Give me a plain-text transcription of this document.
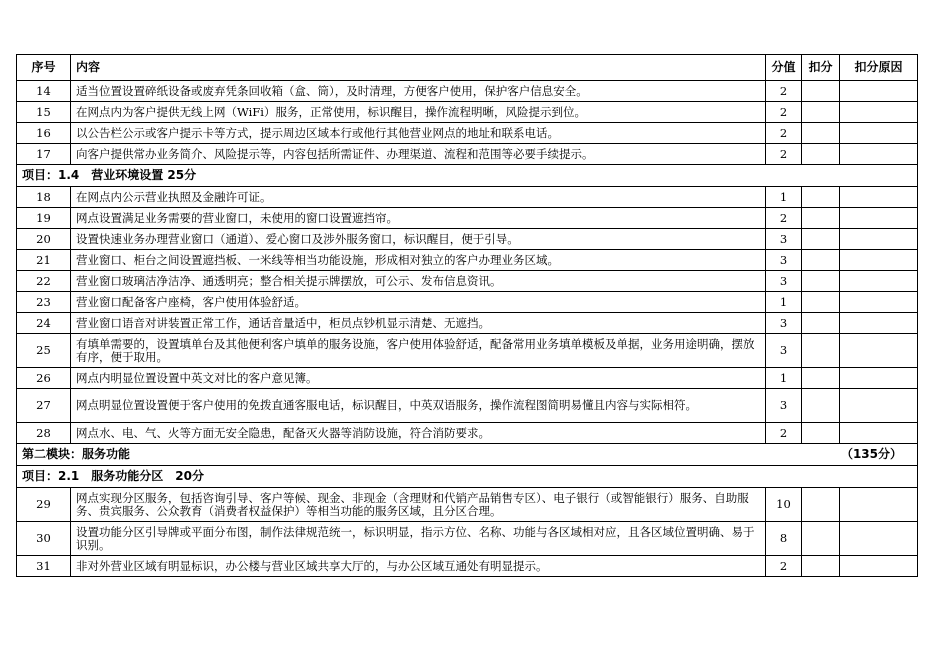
序号	内容	分值	扣分	扣分原因
14	适当位置设置碎纸设备或废弃凭条回收箱（盒、筒），及时清理，方便客户使用，保护客户信息安全。	2		
15	在网点内为客户提供无线上网（WiFi）服务，正常使用，标识醒目，操作流程明晰，风险提示到位。	2		
16	以公告栏公示或客户提示卡等方式，提示周边区域本行或他行其他营业网点的地址和联系电话。	2		
17	向客户提供常办业务简介、风险提示等，内容包括所需证件、办理渠道、流程和范围等必要手续提示。	2		
项目：1.4　营业环境设置 25分				
18	在网点内公示营业执照及金融许可证。	1		
19	网点设置满足业务需要的营业窗口，未使用的窗口设置遮挡帘。	2		
20	设置快速业务办理营业窗口（通道）、爱心窗口及涉外服务窗口，标识醒目，便于引导。	3		
21	营业窗口、柜台之间设置遮挡板、一米线等相当功能设施，形成相对独立的客户办理业务区域。	3		
22	营业窗口玻璃洁净洁净、通透明亮；整合相关提示牌摆放，可公示、发布信息资讯。	3		
23	营业窗口配备客户座椅，客户使用体验舒适。	1		
24	营业窗口语音对讲装置正常工作，通话音量适中，柜员点钞机显示清楚、无遮挡。	3		
25	有填单需要的，设置填单台及其他便利客户填单的服务设施，客户使用体验舒适，配备常用业务填单模板及单据，业务用途明确，摆放有序，便于取用。	3		
26	网点内明显位置设置中英文对比的客户意见簿。	1		
27	网点明显位置设置便于客户使用的免拨直通客服电话，标识醒目，中英双语服务，操作流程图简明易懂且内容与实际相符。	3		
28	网点水、电、气、火等方面无安全隐患，配备灭火器等消防设施，符合消防要求。	2		
第二模块：服务功能 （135分）				

项目：2.1　服务功能分区　20分				
29	网点实现分区服务，包括咨询引导、客户等候、现金、非现金（含理财和代销产品销售专区）、电子银行（或智能银行）服务、自助服务、贵宾服务、公众教育（消费者权益保护）等相当功能的服务区域，且分区合理。	10		
30	设置功能分区引导牌或平面分布图，制作法律规范统一，标识明显，指示方位、名称、功能与各区域相对应，且各区域位置明确、易于识别。	8		
31	非对外营业区域有明显标识，办公楼与营业区域共享大厅的，与办公区域互通处有明显提示。	2		
